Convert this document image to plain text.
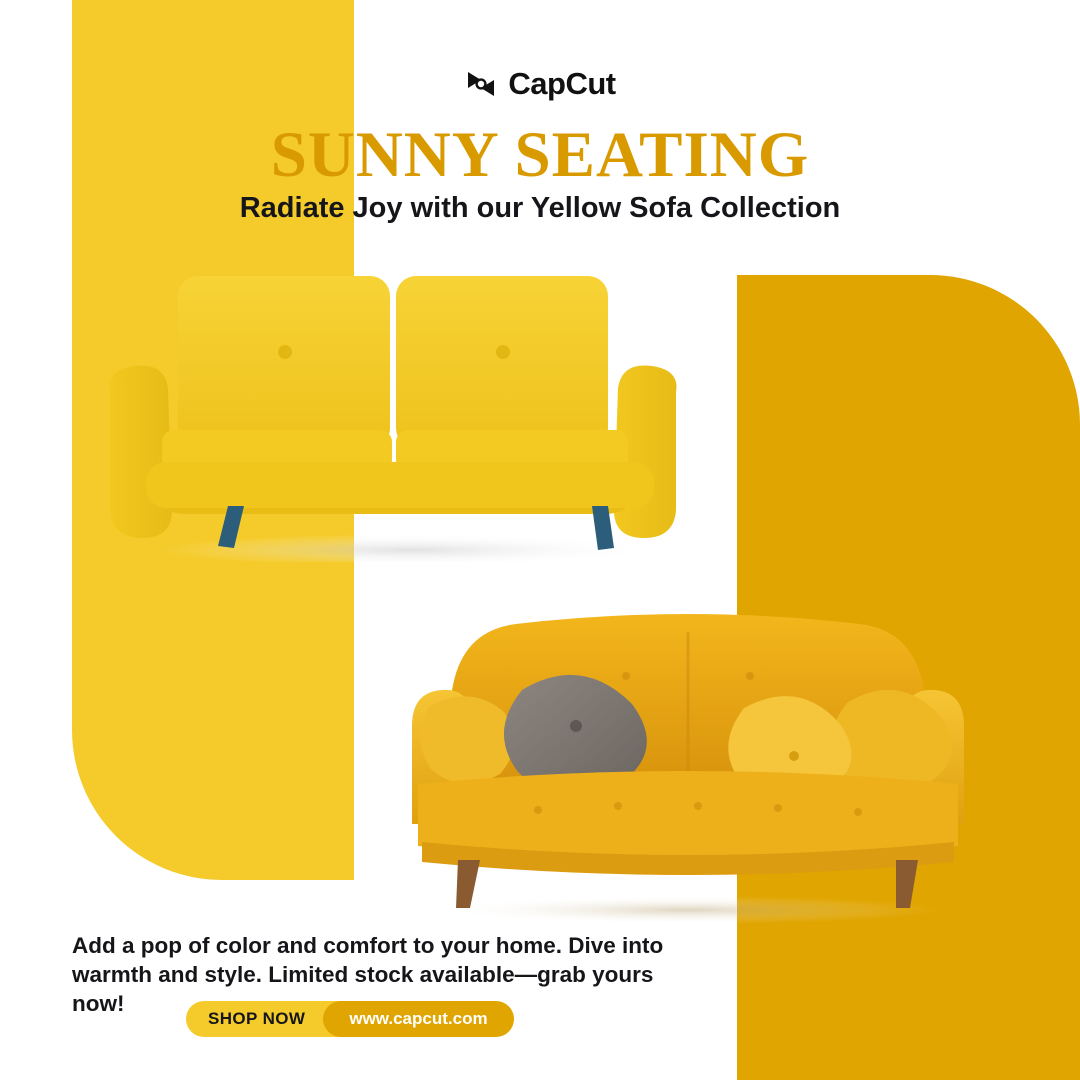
CapCut
SUNNY SEATING
Radiate Joy with our Yellow Sofa Collection
Add a pop of color and comfort to your home. Dive into warmth and style. Limited stock available—grab yours now!
SHOP NOW	www.capcut.com
